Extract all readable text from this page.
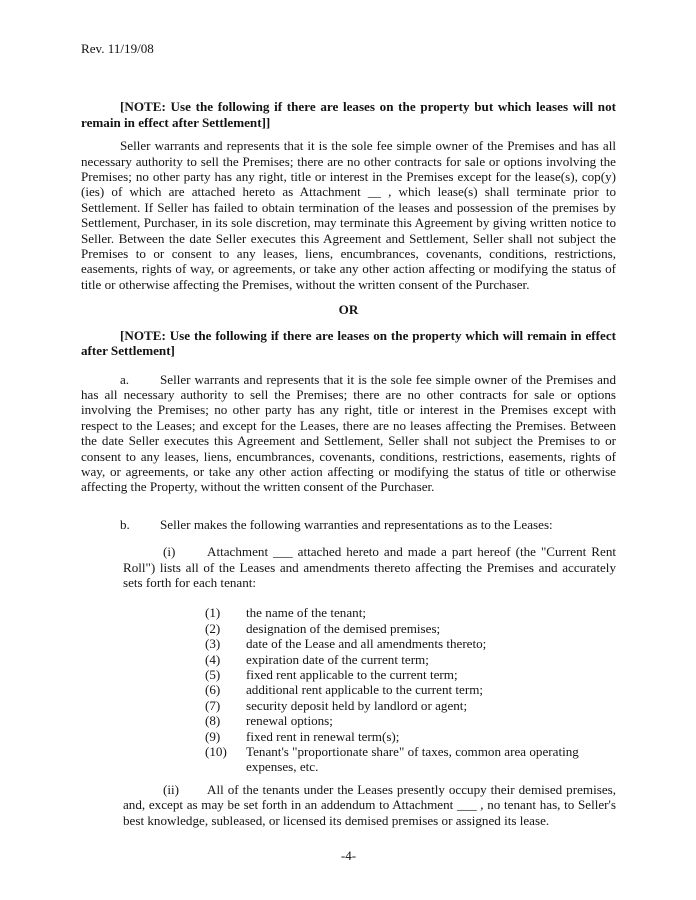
Rev. 11/19/08

[NOTE: Use the following if there are leases on the property but which leases will not remain in effect after Settlement]]

Seller warrants and represents that it is the sole fee simple owner of the Premises and has all necessary authority to sell the Premises; there are no other contracts for sale or options involving the Premises; no other party has any right, title or interest in the Premises except for the lease(s), cop(y)(ies) of which are attached hereto as Attachment __ , which lease(s) shall terminate prior to Settlement. If Seller has failed to obtain termination of the leases and possession of the premises by Settlement, Purchaser, in its sole discretion, may terminate this Agreement by giving written notice to Seller. Between the date Seller executes this Agreement and Settlement, Seller shall not subject the Premises to or consent to any leases, liens, encumbrances, covenants, conditions, restrictions, easements, rights of way, or agreements, or take any other action affecting or modifying the status of title or otherwise affecting the Premises, without the written consent of the Purchaser.

OR

[NOTE: Use the following if there are leases on the property which will remain in effect after Settlement]

a. Seller warrants and represents that it is the sole fee simple owner of the Premises and has all necessary authority to sell the Premises; there are no other contracts for sale or options involving the Premises; no other party has any right, title or interest in the Premises except with respect to the Leases; and except for the Leases, there are no leases affecting the Premises. Between the date Seller executes this Agreement and Settlement, Seller shall not subject the Premises to or consent to any leases, liens, encumbrances, covenants, conditions, restrictions, easements, rights of way, or agreements, or take any other action affecting or modifying the status of title or otherwise affecting the Property, without the written consent of the Purchaser.

b. Seller makes the following warranties and representations as to the Leases:

(i) Attachment ___ attached hereto and made a part hereof (the "Current Rent Roll") lists all of the Leases and amendments thereto affecting the Premises and accurately sets forth for each tenant:

(1)	the name of the tenant;
(2)	designation of the demised premises;
(3)	date of the Lease and all amendments thereto;
(4)	expiration date of the current term;
(5)	fixed rent applicable to the current term;
(6)	additional rent applicable to the current term;
(7)	security deposit held by landlord or agent;
(8)	renewal options;
(9)	fixed rent in renewal term(s);
(10)	Tenant's "proportionate share" of taxes, common area operating expenses, etc.

(ii) All of the tenants under the Leases presently occupy their demised premises, and, except as may be set forth in an addendum to Attachment ___ , no tenant has, to Seller's best knowledge, subleased, or licensed its demised premises or assigned its lease.

-4-
